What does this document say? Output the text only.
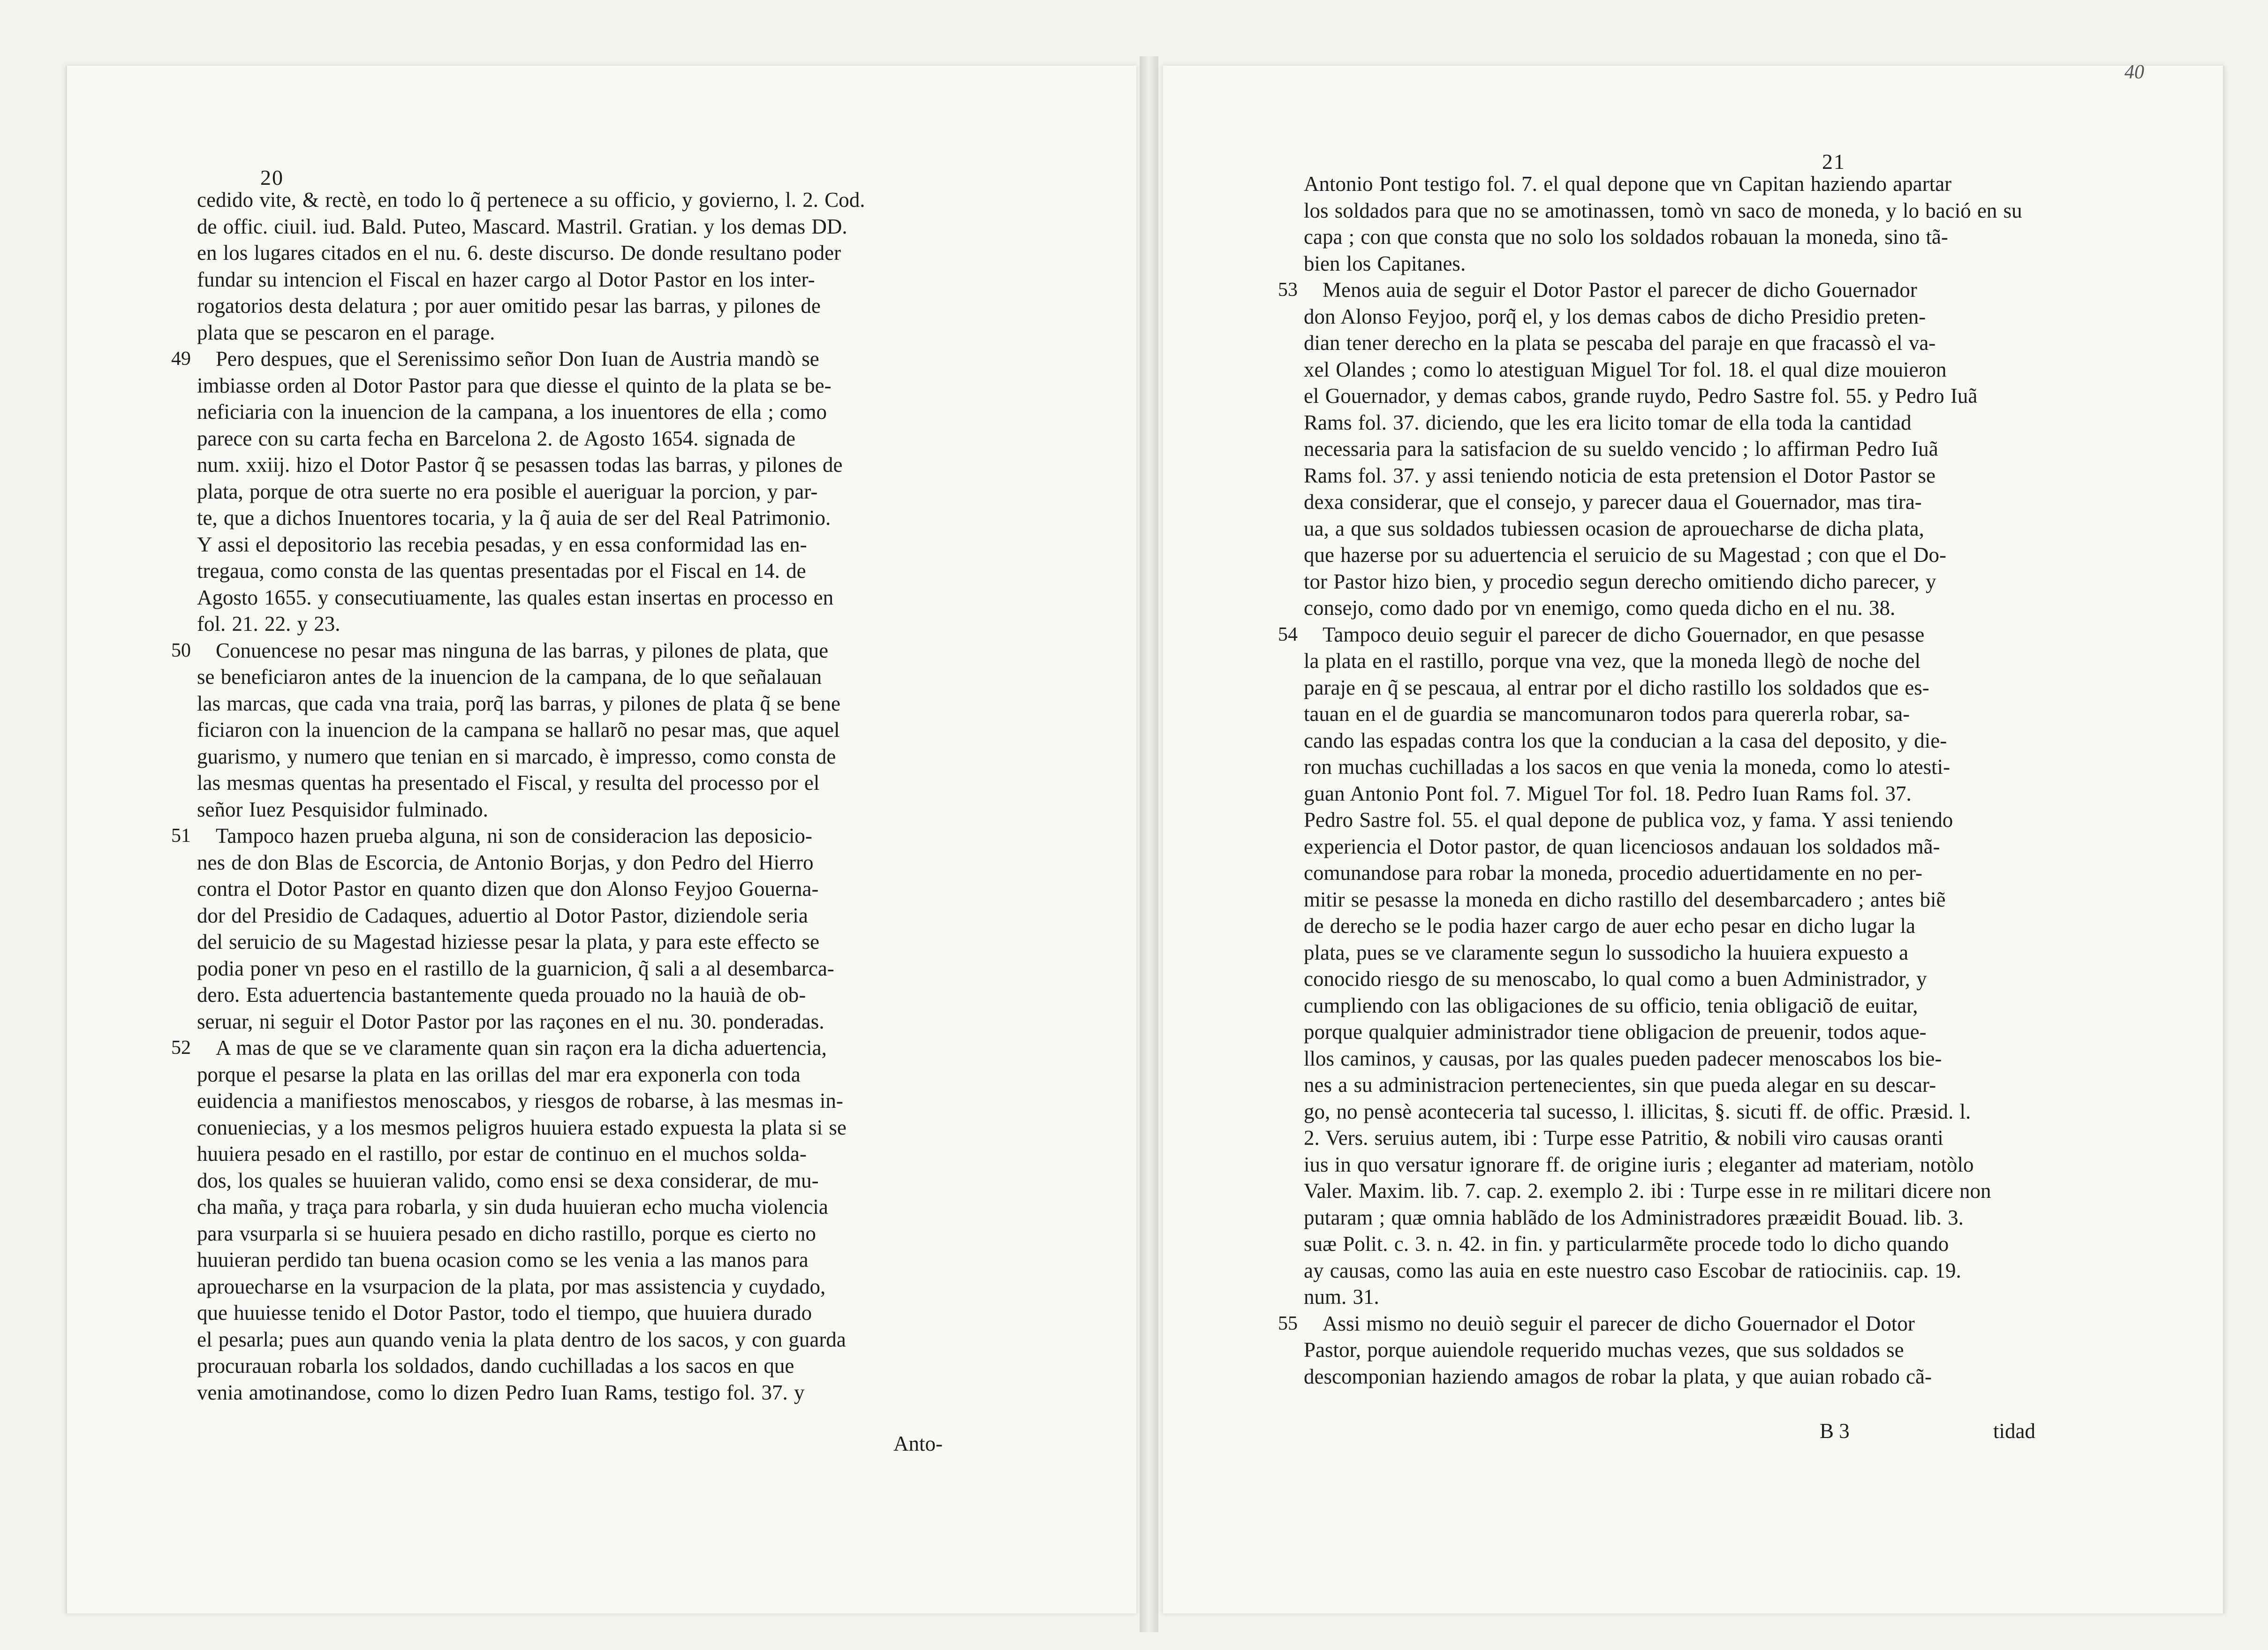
20
21
40
cedido vite, & rectè, en todo lo q̃ pertenece a su officio, y govierno, l. 2. Cod.
de offic. ciuil. iud. Bald. Puteo, Mascard. Mastril. Gratian. y los demas DD.
en los lugares citados en el nu. 6. deste discurso. De donde resultano poder
fundar su intencion el Fiscal en hazer cargo al Dotor Pastor en los inter-
rogatorios desta delatura ; por auer omitido pesar las barras, y pilones de
plata que se pescaron en el parage.
49 Pero despues, que el Serenissimo señor Don Iuan de Austria mandò se
imbiasse orden al Dotor Pastor para que diesse el quinto de la plata se be-
neficiaria con la inuencion de la campana, a los inuentores de ella ; como
parece con su carta fecha en Barcelona 2. de Agosto 1654. signada de
num. xxiij. hizo el Dotor Pastor q̃ se pesassen todas las barras, y pilones de
plata, porque de otra suerte no era posible el aueriguar la porcion, y par-
te, que a dichos Inuentores tocaria, y la q̃ auia de ser del Real Patrimonio.
Y assi el depositorio las recebia pesadas, y en essa conformidad las en-
tregaua, como consta de las quentas presentadas por el Fiscal en 14. de
Agosto 1655. y consecutiuamente, las quales estan insertas en processo en
fol. 21. 22. y 23.
50 Conuencese no pesar mas ninguna de las barras, y pilones de plata, que
se beneficiaron antes de la inuencion de la campana, de lo que señalauan
las marcas, que cada vna traia, porq̃ las barras, y pilones de plata q̃ se bene
ficiaron con la inuencion de la campana se hallarõ no pesar mas, que aquel
guarismo, y numero que tenian en si marcado, è impresso, como consta de
las mesmas quentas ha presentado el Fiscal, y resulta del processo por el
señor Iuez Pesquisidor fulminado.
51 Tampoco hazen prueba alguna, ni son de consideracion las deposicio-
nes de don Blas de Escorcia, de Antonio Borjas, y don Pedro del Hierro
contra el Dotor Pastor en quanto dizen que don Alonso Feyjoo Gouerna-
dor del Presidio de Cadaques, aduertio al Dotor Pastor, diziendole seria
del seruicio de su Magestad hiziesse pesar la plata, y para este effecto se
podia poner vn peso en el rastillo de la guarnicion, q̃ sali a al desembarca-
dero. Esta aduertencia bastantemente queda prouado no la hauià de ob-
seruar, ni seguir el Dotor Pastor por las raçones en el nu. 30. ponderadas.
52 A mas de que se ve claramente quan sin raçon era la dicha aduertencia,
porque el pesarse la plata en las orillas del mar era exponerla con toda
euidencia a manifiestos menoscabos, y riesgos de robarse, à las mesmas in-
conueniecias, y a los mesmos peligros huuiera estado expuesta la plata si se
huuiera pesado en el rastillo, por estar de continuo en el muchos solda-
dos, los quales se huuieran valido, como ensi se dexa considerar, de mu-
cha maña, y traça para robarla, y sin duda huuieran echo mucha violencia
para vsurparla si se huuiera pesado en dicho rastillo, porque es cierto no
huuieran perdido tan buena ocasion como se les venia a las manos para
aprouecharse en la vsurpacion de la plata, por mas assistencia y cuydado,
que huuiesse tenido el Dotor Pastor, todo el tiempo, que huuiera durado
el pesarla; pues aun quando venia la plata dentro de los sacos, y con guarda
procurauan robarla los soldados, dando cuchilladas a los sacos en que
venia amotinandose, como lo dizen Pedro Iuan Rams, testigo fol. 37. y
Antonio Pont testigo fol. 7. el qual depone que vn Capitan haziendo apartar
los soldados para que no se amotinassen, tomò vn saco de moneda, y lo bació en su
capa ; con que consta que no solo los soldados robauan la moneda, sino tã-
bien los Capitanes.
53 Menos auia de seguir el Dotor Pastor el parecer de dicho Gouernador
don Alonso Feyjoo, porq̃ el, y los demas cabos de dicho Presidio preten-
dian tener derecho en la plata se pescaba del paraje en que fracassò el va-
xel Olandes ; como lo atestiguan Miguel Tor fol. 18. el qual dize mouieron
el Gouernador, y demas cabos, grande ruydo, Pedro Sastre fol. 55. y Pedro Iuã
Rams fol. 37. diciendo, que les era licito tomar de ella toda la cantidad
necessaria para la satisfacion de su sueldo vencido ; lo affirman Pedro Iuã
Rams fol. 37. y assi teniendo noticia de esta pretension el Dotor Pastor se
dexa considerar, que el consejo, y parecer daua el Gouernador, mas tira-
ua, a que sus soldados tubiessen ocasion de aprouecharse de dicha plata,
que hazerse por su aduertencia el seruicio de su Magestad ; con que el Do-
tor Pastor hizo bien, y procedio segun derecho omitiendo dicho parecer, y
consejo, como dado por vn enemigo, como queda dicho en el nu. 38.
54 Tampoco deuio seguir el parecer de dicho Gouernador, en que pesasse
la plata en el rastillo, porque vna vez, que la moneda llegò de noche del
paraje en q̃ se pescaua, al entrar por el dicho rastillo los soldados que es-
tauan en el de guardia se mancomunaron todos para quererla robar, sa-
cando las espadas contra los que la conducian a la casa del deposito, y die-
ron muchas cuchilladas a los sacos en que venia la moneda, como lo atesti-
guan Antonio Pont fol. 7. Miguel Tor fol. 18. Pedro Iuan Rams fol. 37.
Pedro Sastre fol. 55. el qual depone de publica voz, y fama. Y assi teniendo
experiencia el Dotor pastor, de quan licenciosos andauan los soldados mã-
comunandose para robar la moneda, procedio aduertidamente en no per-
mitir se pesasse la moneda en dicho rastillo del desembarcadero ; antes biẽ
de derecho se le podia hazer cargo de auer echo pesar en dicho lugar la
plata, pues se ve claramente segun lo sussodicho la huuiera expuesto a
conocido riesgo de su menoscabo, lo qual como a buen Administrador, y
cumpliendo con las obligaciones de su officio, tenia obligaciõ de euitar,
porque qualquier administrador tiene obligacion de preuenir, todos aque-
llos caminos, y causas, por las quales pueden padecer menoscabos los bie-
nes a su administracion pertenecientes, sin que pueda alegar en su descar-
go, no pensè aconteceria tal sucesso, l. illicitas, §. sicuti ff. de offic. Præsid. l.
2. Vers. seruius autem, ibi : Turpe esse Patritio, & nobili viro causas oranti
ius in quo versatur ignorare ff. de origine iuris ; eleganter ad materiam, notòlo
Valer. Maxim. lib. 7. cap. 2. exemplo 2. ibi : Turpe esse in re militari dicere non
putaram ; quæ omnia hablãdo de los Administradores prææidit Bouad. lib. 3.
suæ Polit. c. 3. n. 42. in fin. y particularmẽte procede todo lo dicho quando
ay causas, como las auia en este nuestro caso Escobar de ratiociniis. cap. 19.
num. 31.
55 Assi mismo no deuiò seguir el parecer de dicho Gouernador el Dotor
Pastor, porque auiendole requerido muchas vezes, que sus soldados se
descomponian haziendo amagos de robar la plata, y que auian robado cã-
B 3
Anto-
tidad
